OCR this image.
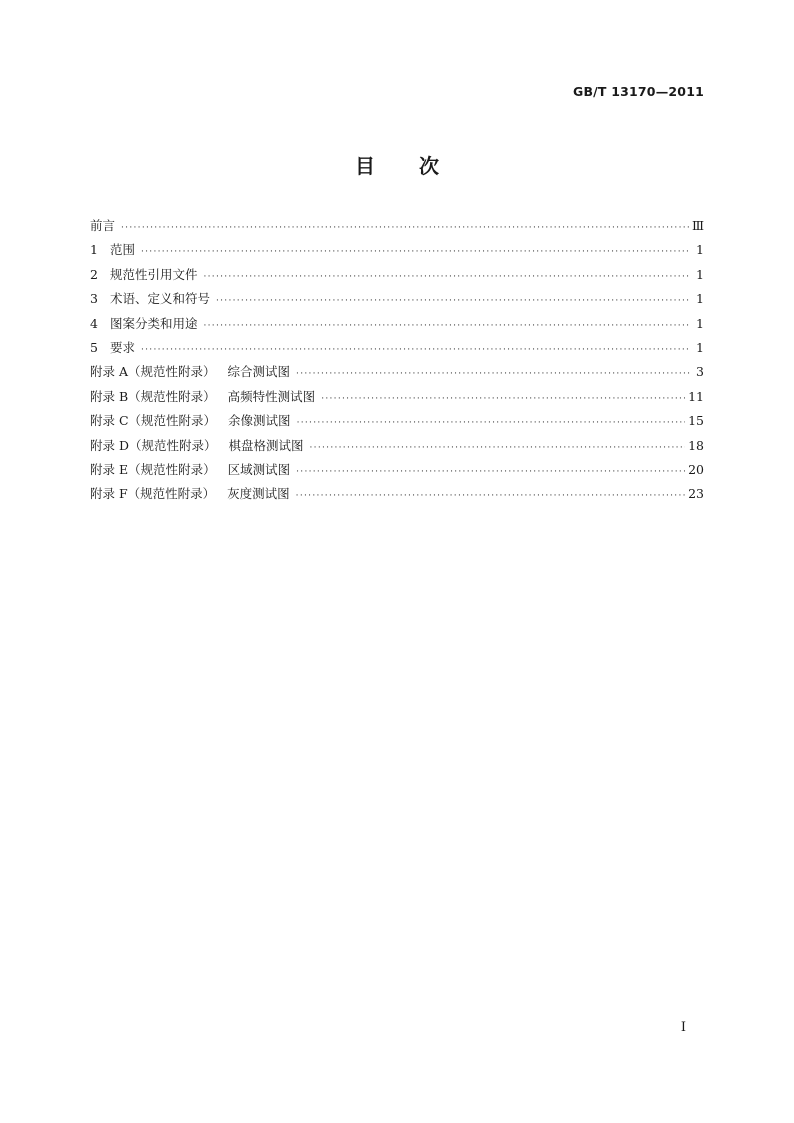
GB/T 13170—2011
目 次
前言 ·····	Ⅲ
1 范围 ·····	1
2 规范性引用文件 ·····	1
3 术语、定义和符号 ·····	1
4 图案分类和用途 ·····	1
5 要求 ·····	1
附录 A（规范性附录） 综合测试图 ·····	3
附录 B（规范性附录） 高频特性测试图 ·····	11
附录 C（规范性附录） 余像测试图 ·····	15
附录 D（规范性附录） 棋盘格测试图 ·····	18
附录 E（规范性附录） 区域测试图 ·····	20
附录 F（规范性附录） 灰度测试图 ·····	23
I
